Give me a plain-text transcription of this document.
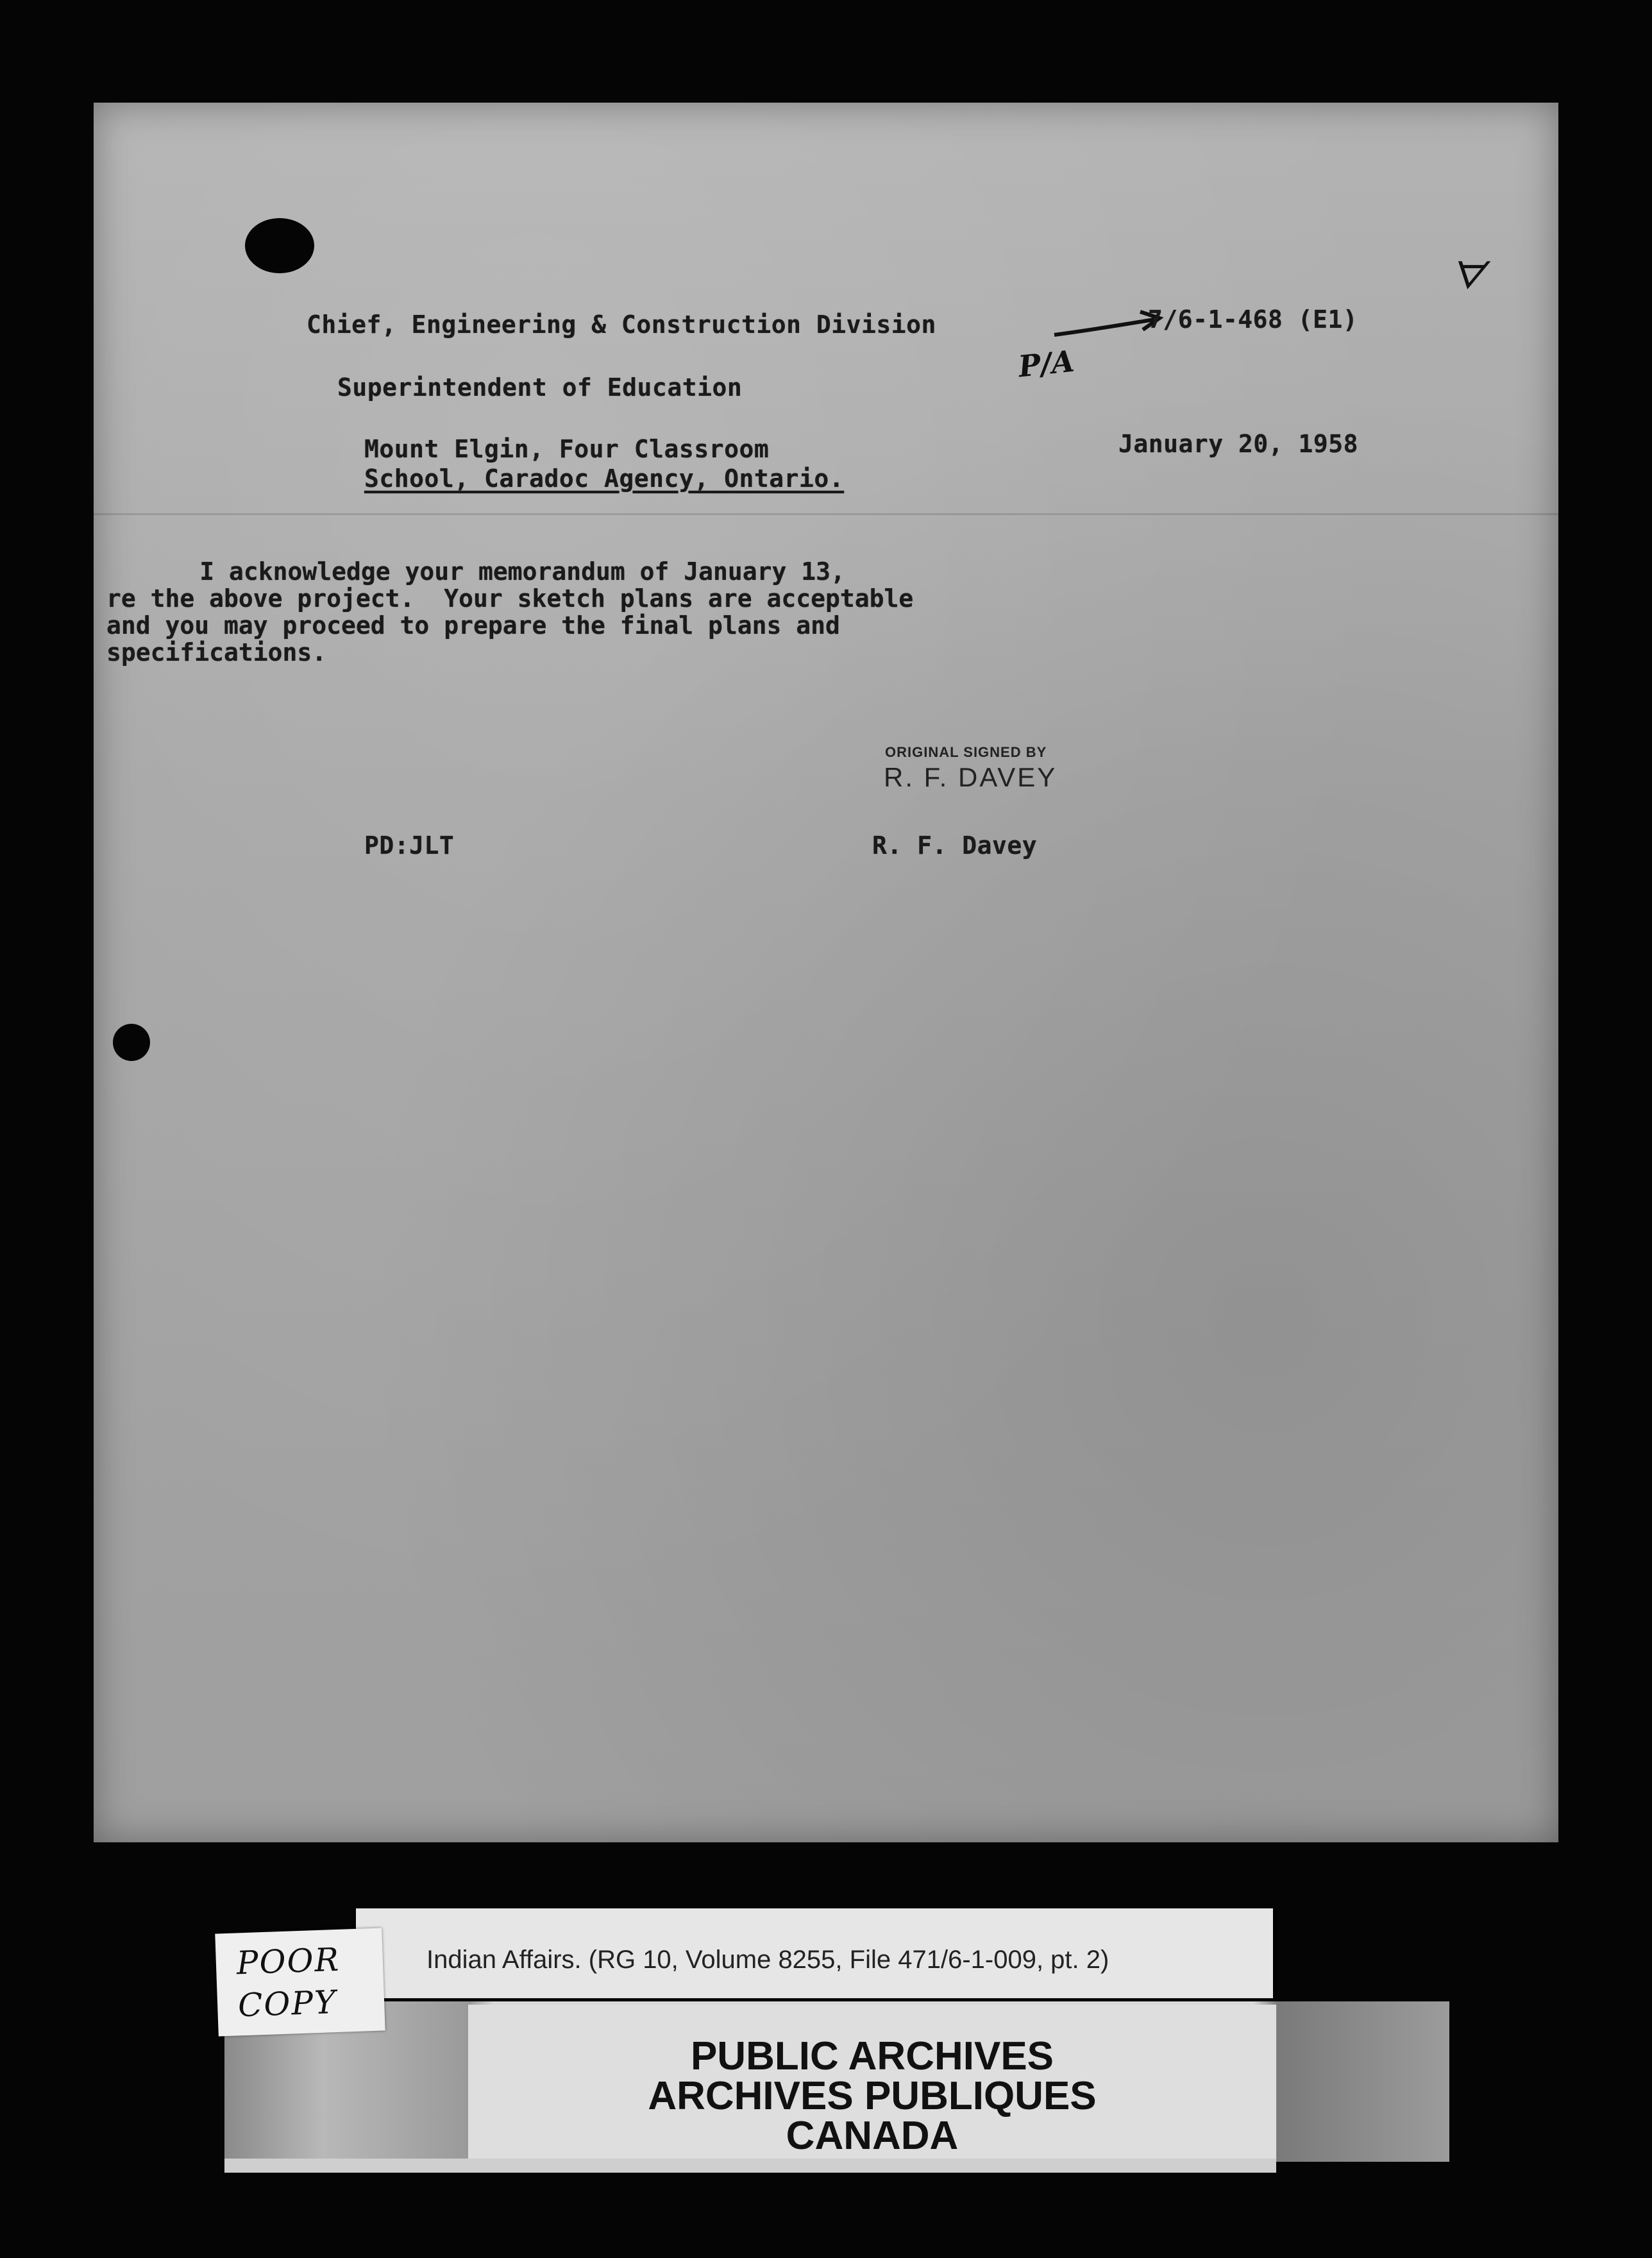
Chief, Engineering & Construction Division	7/6-1-468 (E1)
P/A
ᗊ
Superintendent of Education
Mount Elgin, Four Classroom
School, Caradoc Agency, Ontario.
January 20, 1958
I acknowledge your memorandum of January 13,
re the above project.  Your sketch plans are acceptable
and you may proceed to prepare the final plans and
specifications.
ORIGINAL SIGNED BY
R. F. DAVEY
PD:JLT	R. F. Davey
Indian Affairs. (RG 10, Volume 8255, File 471/6-1-009, pt. 2)
POOR
COPY
PUBLIC ARCHIVES
ARCHIVES PUBLIQUES
CANADA
